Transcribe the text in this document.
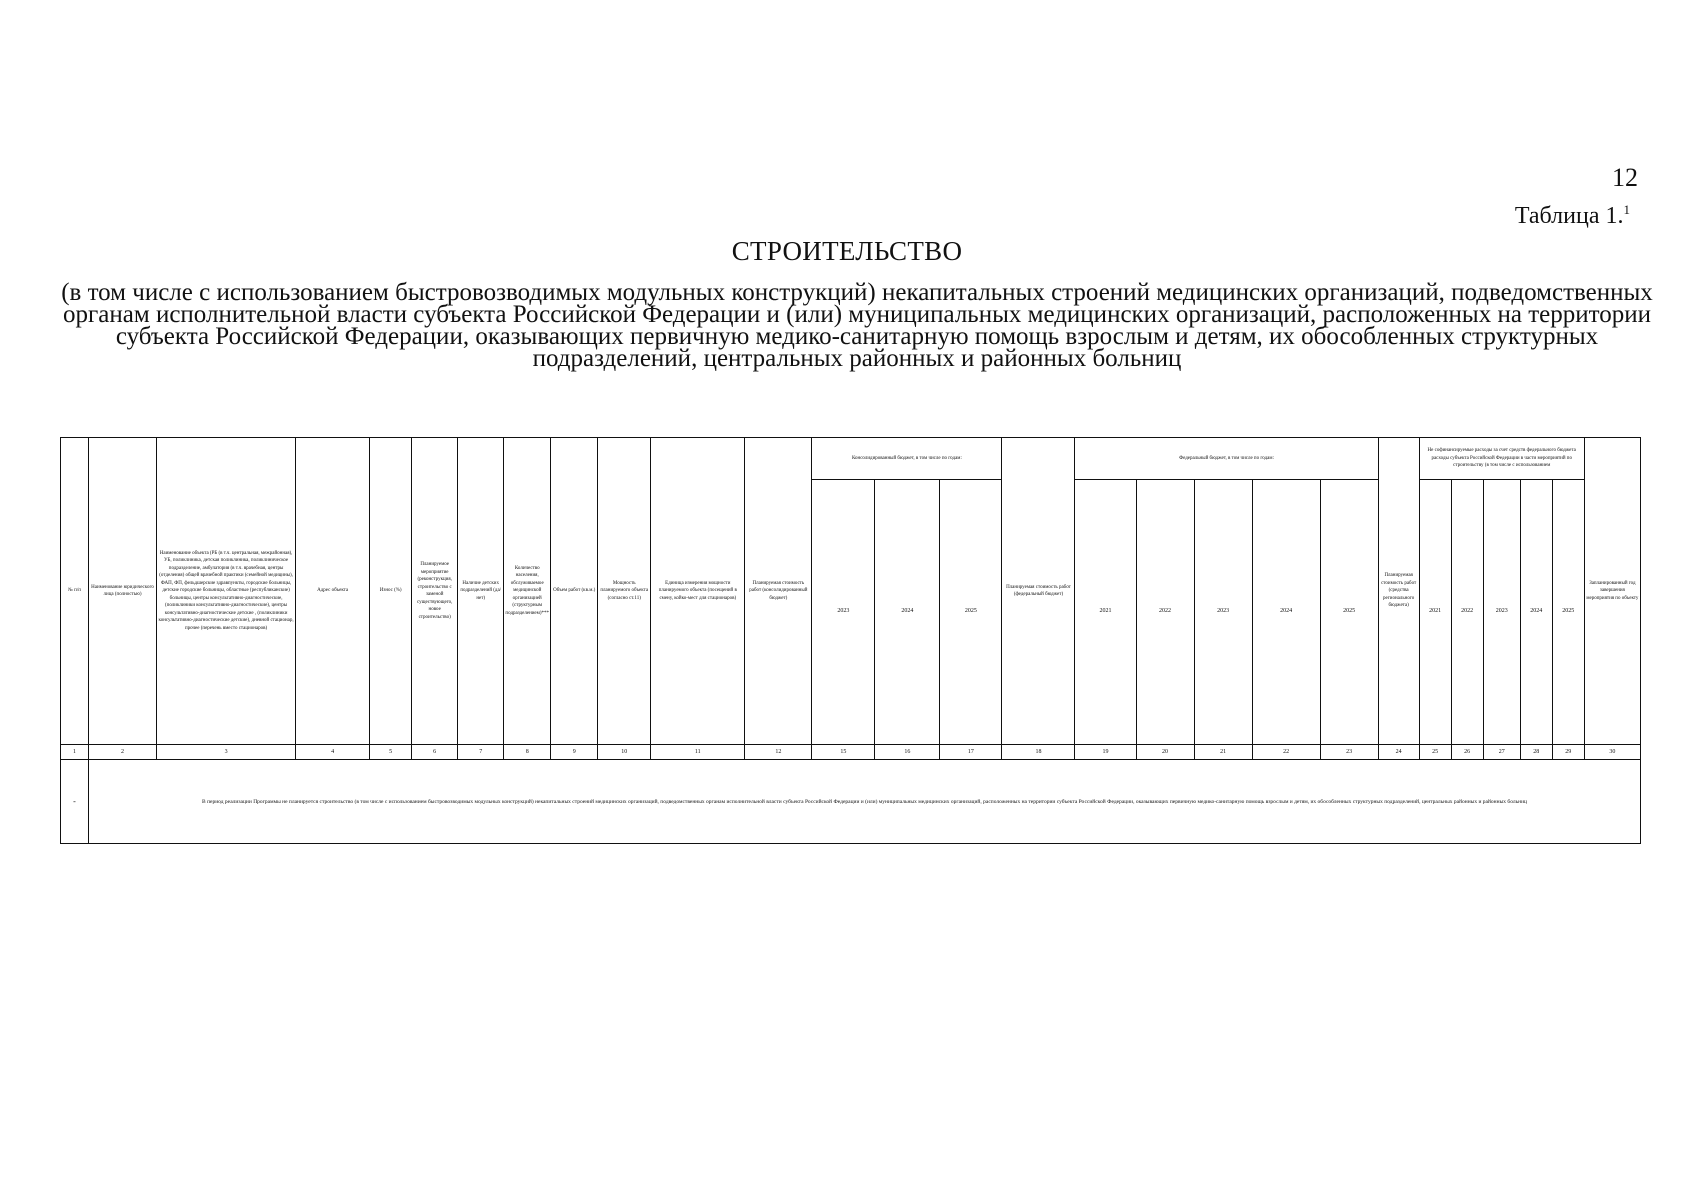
12
Таблица 1.$^1$
СТРОИТЕЛЬСТВО
(в том числе с использованием быстровозводимых модульных конструкций) некапитальных строений медицинских организаций, подведомственных органам исполнительной власти субъекта Российской Федерации и (или) муниципальных медицинских организаций, расположенных на территории субъекта Российской Федерации, оказывающих первичную медико-санитарную помощь взрослым и детям, их обособленных структурных подразделений, центральных районных и районных больниц
№ п/п	Наименование юридического лица (полностью)	Наименование объекта (РБ (в т.ч. центральная, межрайонная), УБ, поликлиника, детская поликлиника, поликлиническое подразделение, амбулатория (в т.ч. врачебная, центры (отделения) общей врачебной практики (семейной медицины), ФАП, ФП, фельдшерские здравпункты, городские больницы, детские городские больницы, областные (республиканские) больницы, центры консультативно-диагностические, (поликлиники консультативно-диагностические), центры консультативно-диагностические детские , (поликлиники консультативно-диагностические детские), дневной стационар, прочее (перечень вместо стационаров)	Адрес объекта	Износ (%)	Планируемое мероприятие (реконструкция, строительство с заменой существующего, новое строительство)	Наличие детских подразделений (да/нет)	Количество населения, обслуживаемое медицинской организацией (структурным подразделением)***	Объем работ (кв.м.)	Мощность планируемого объекта (согласно ст.11)	Единица измерения мощности планируемого объекта (посещений в смену, койко-мест для стационаров)	Планируемая стоимость работ (консолидированный бюджет)	Консолидированный бюджет, в том числе по годам:			Планируемая стоимость работ (федеральный бюджет)	Федеральный бюджет, в том числе по годам:					Планируемая стоимость работ (средства регионального бюджета)	Не софинансируемые расходы за счет средств федерального бюджета расходы субъекта Российской Федерации в части мероприятий по строительству (в том числе с использованием					Запланированный год завершения мероприятия по объекту
												2023	2024	2025		2021	2022	2023	2024	2025		2021	2022	2023	2024	2025	
1	2	3	4	5	6	7	8	9	10	11	12	15	16	17	18	19	20	21	22	23	24	25	26	27	28	29	30
-	В период реализации Программы не планируется строительство (в том числе с использованием быстровозводимых модульных конструкций) некапитальных строений медицинских организаций, подведомственных органам исполнительной власти субъекта Российской Федерации и (или) муниципальных медицинских организаций, расположенных на территории субъекта Российской Федерации, оказывающих первичную медико-санитарную помощь взрослым и детям, их обособленных структурных подразделений, центральных районных и районных больниц																										
